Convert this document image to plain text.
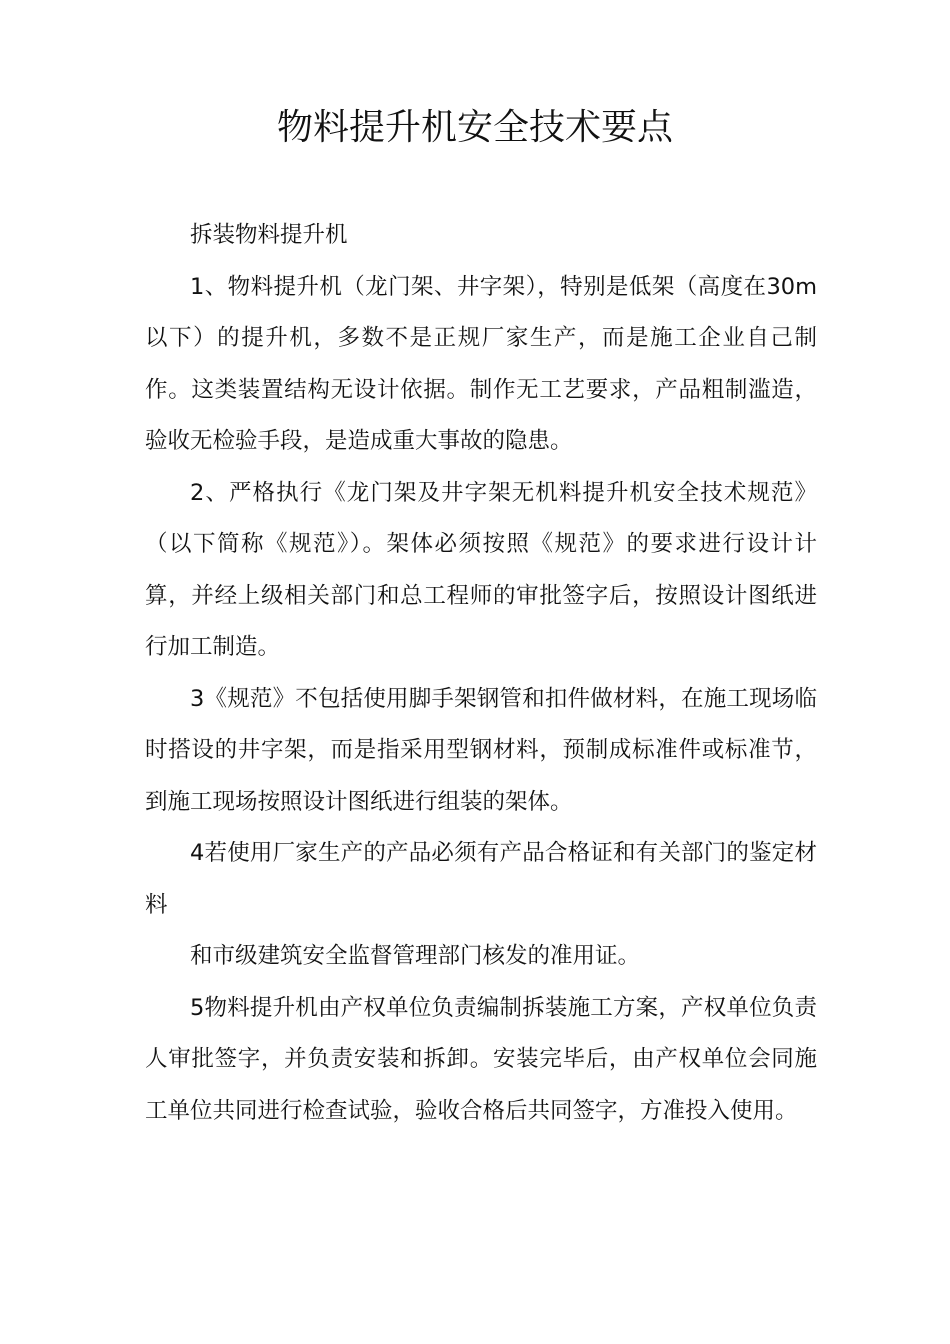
物料提升机安全技术要点

拆装物料提升机

1、物料提升机（龙门架、井字架），特别是低架（高度在30m以下）的提升机，多数不是正规厂家生产，而是施工企业自己制作。这类装置结构无设计依据。制作无工艺要求，产品粗制滥造，验收无检验手段，是造成重大事故的隐患。

2、严格执行《龙门架及井字架无机料提升机安全技术规范》（以下简称《规范》）。架体必须按照《规范》的要求进行设计计算，并经上级相关部门和总工程师的审批签字后，按照设计图纸进行加工制造。

3《规范》不包括使用脚手架钢管和扣件做材料，在施工现场临时搭设的井字架，而是指采用型钢材料，预制成标准件或标准节，到施工现场按照设计图纸进行组装的架体。

4若使用厂家生产的产品必须有产品合格证和有关部门的鉴定材料

和市级建筑安全监督管理部门核发的准用证。

5物料提升机由产权单位负责编制拆装施工方案，产权单位负责人审批签字，并负责安装和拆卸。安装完毕后，由产权单位会同施工单位共同进行检查试验，验收合格后共同签字，方准投入使用。
